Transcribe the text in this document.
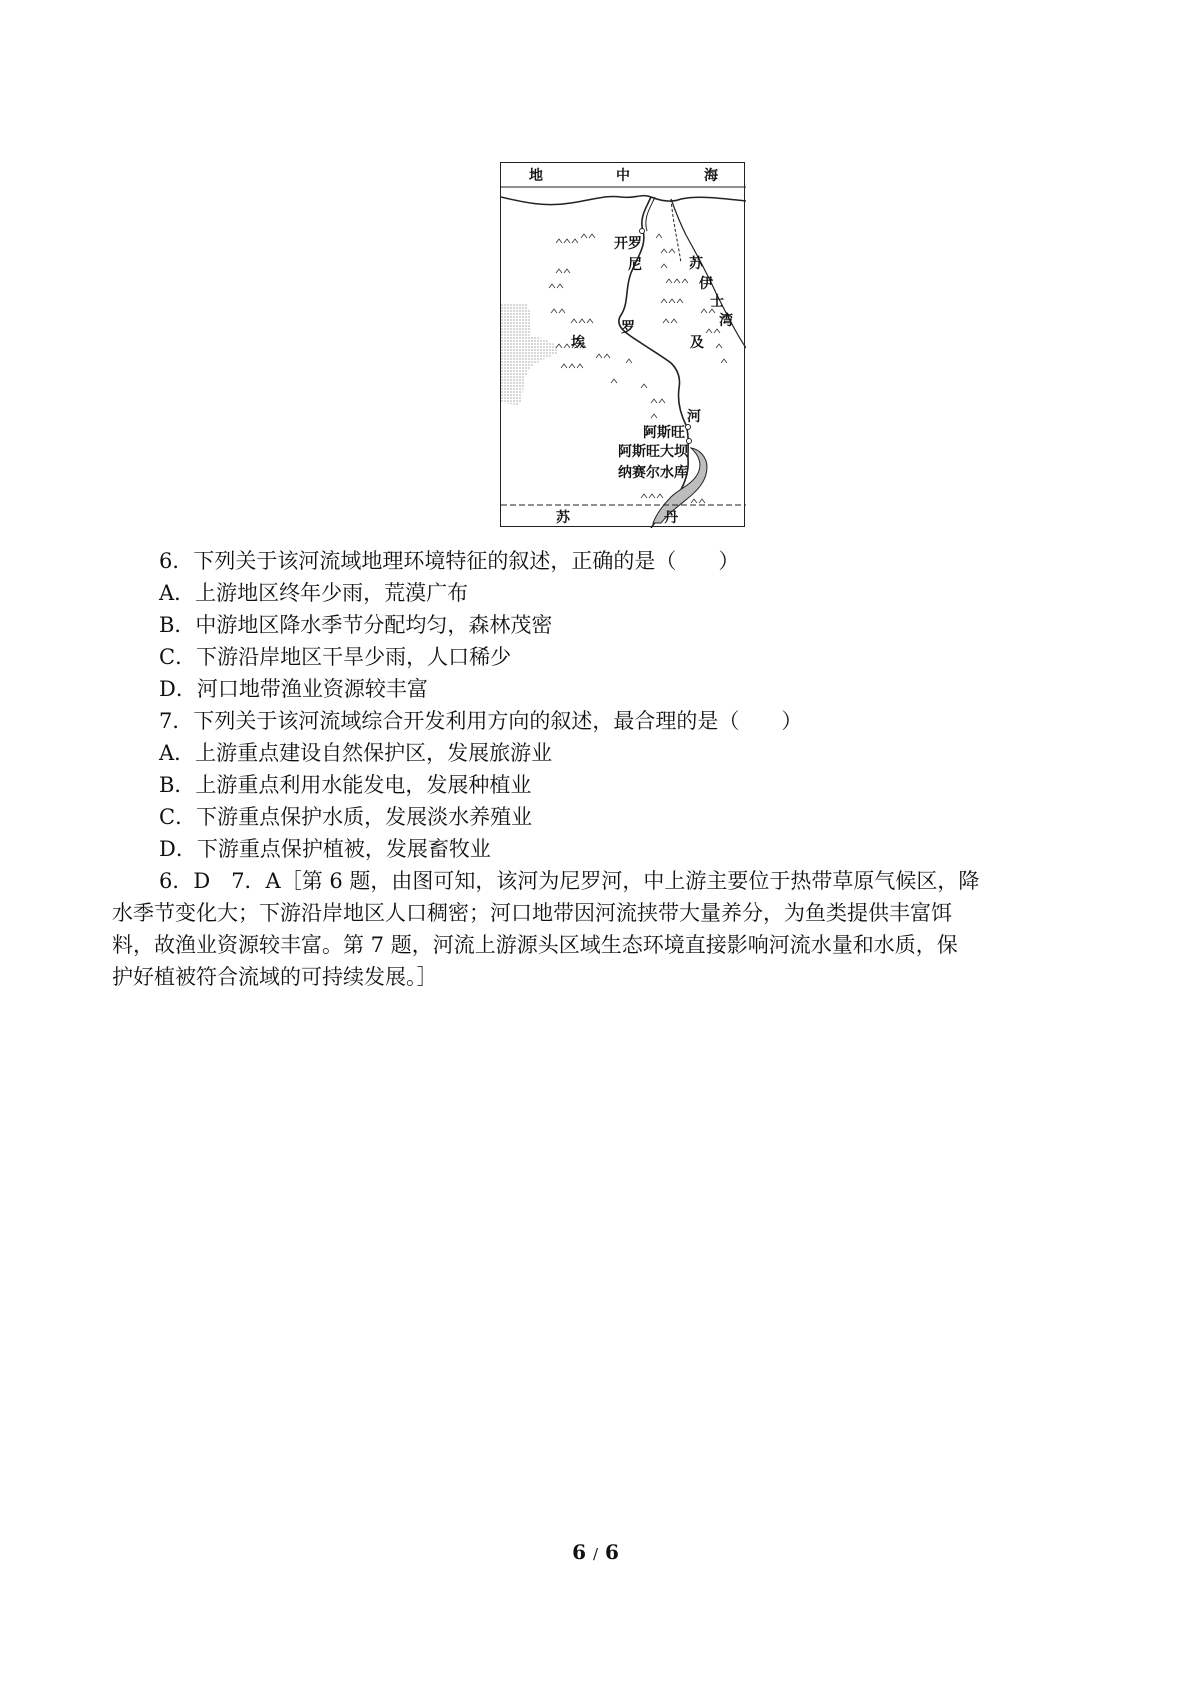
地	中	海
开罗
尼
罗
河
埃	及
苏
伊
士
湾
阿斯旺
阿斯旺大坝
纳赛尔水库
苏	丹
6．下列关于该河流域地理环境特征的叙述，正确的是（　　）
A．上游地区终年少雨，荒漠广布
B．中游地区降水季节分配均匀，森林茂密
C．下游沿岸地区干旱少雨，人口稀少
D．河口地带渔业资源较丰富
7．下列关于该河流域综合开发利用方向的叙述，最合理的是（　　）
A．上游重点建设自然保护区，发展旅游业
B．上游重点利用水能发电，发展种植业
C．下游重点保护水质，发展淡水养殖业
D．下游重点保护植被，发展畜牧业
6．D　7．A［第 6 题，由图可知，该河为尼罗河，中上游主要位于热带草原气候区，降
水季节变化大；下游沿岸地区人口稠密；河口地带因河流挟带大量养分，为鱼类提供丰富饵
料，故渔业资源较丰富。第 7 题，河流上游源头区域生态环境直接影响河流水量和水质，保
护好植被符合流域的可持续发展。］
6 / 6
